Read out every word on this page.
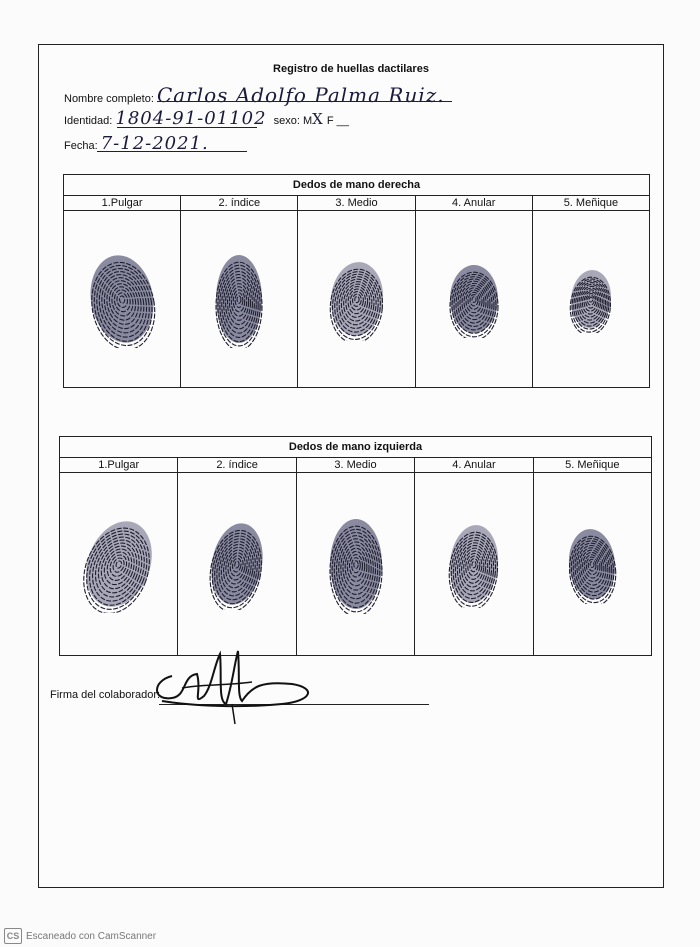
Registro de huellas dactilares
Nombre completo: Carlos Adolfo Palma Ruiz.
Identidad: 1804-91-01102 sexo: MX F __
Fecha: 7-12-2021.
Dedos de mano derecha
1.Pulgar	2. índice	3. Medio	4. Anular	5. Meñique
Dedos de mano izquierda
1.Pulgar	2. índice	3. Medio	4. Anular	5. Meñique
Firma del colaborador:
CS Escaneado con CamScanner
